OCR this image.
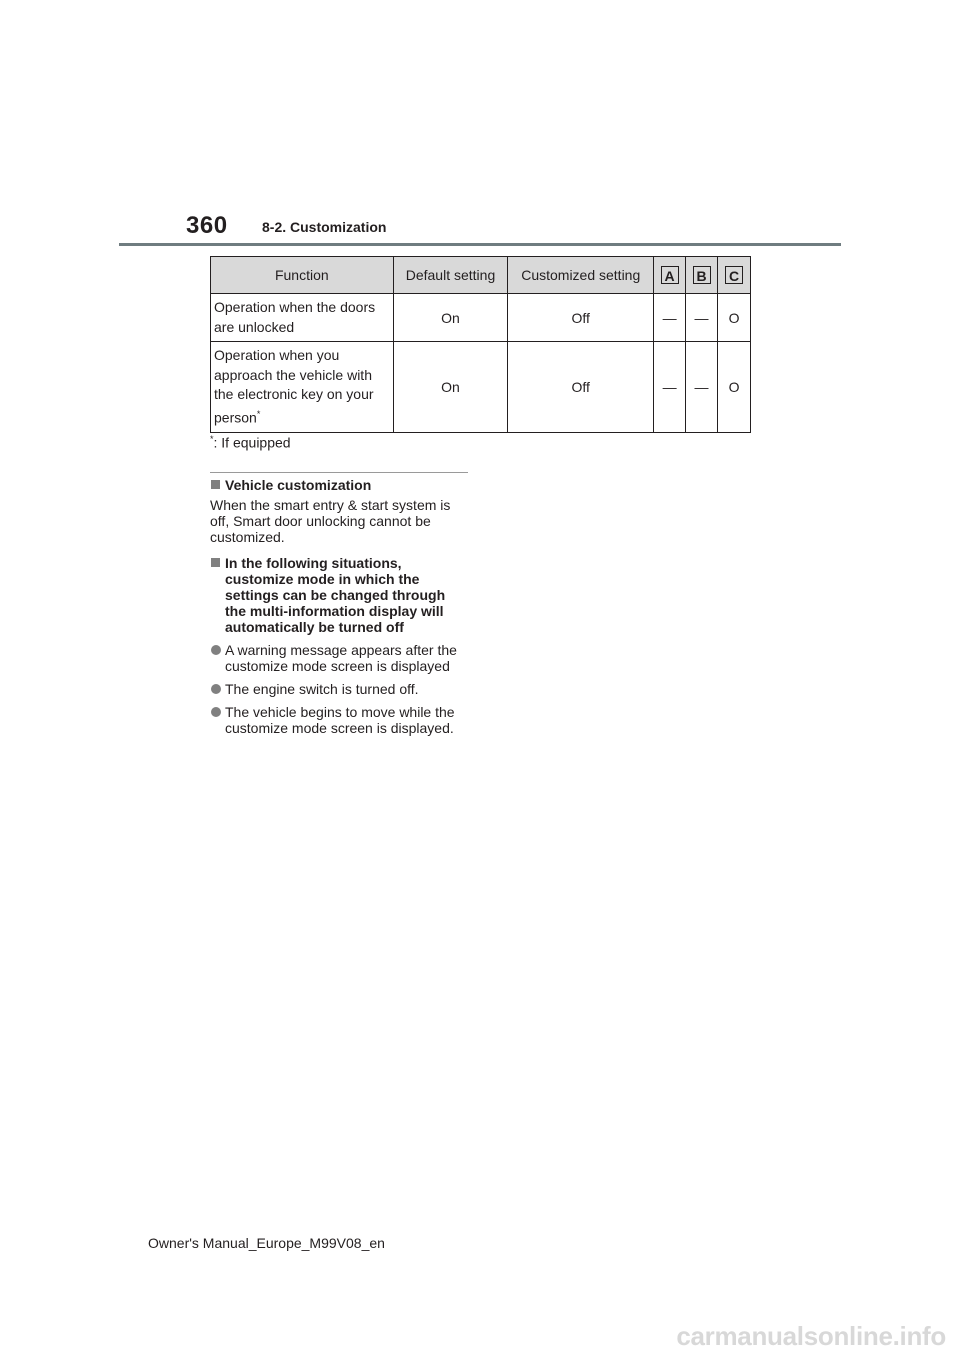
360 8-2. Customization
Function	Default setting	Customized setting	A	B	C
Operation when the doors are unlocked	On	Off	—	—	O
Operation when you approach the vehicle with the electronic key on your person*	On	Off	—	—	O
*: If equipped
Vehicle customization
When the smart entry & start system is off, Smart door unlocking cannot be customized.
In the following situations, customize mode in which the settings can be changed through the multi-information display will automatically be turned off
A warning message appears after the customize mode screen is displayed
The engine switch is turned off.
The vehicle begins to move while the customize mode screen is displayed.
Owner's Manual_Europe_M99V08_en
carmanualsonline.info
